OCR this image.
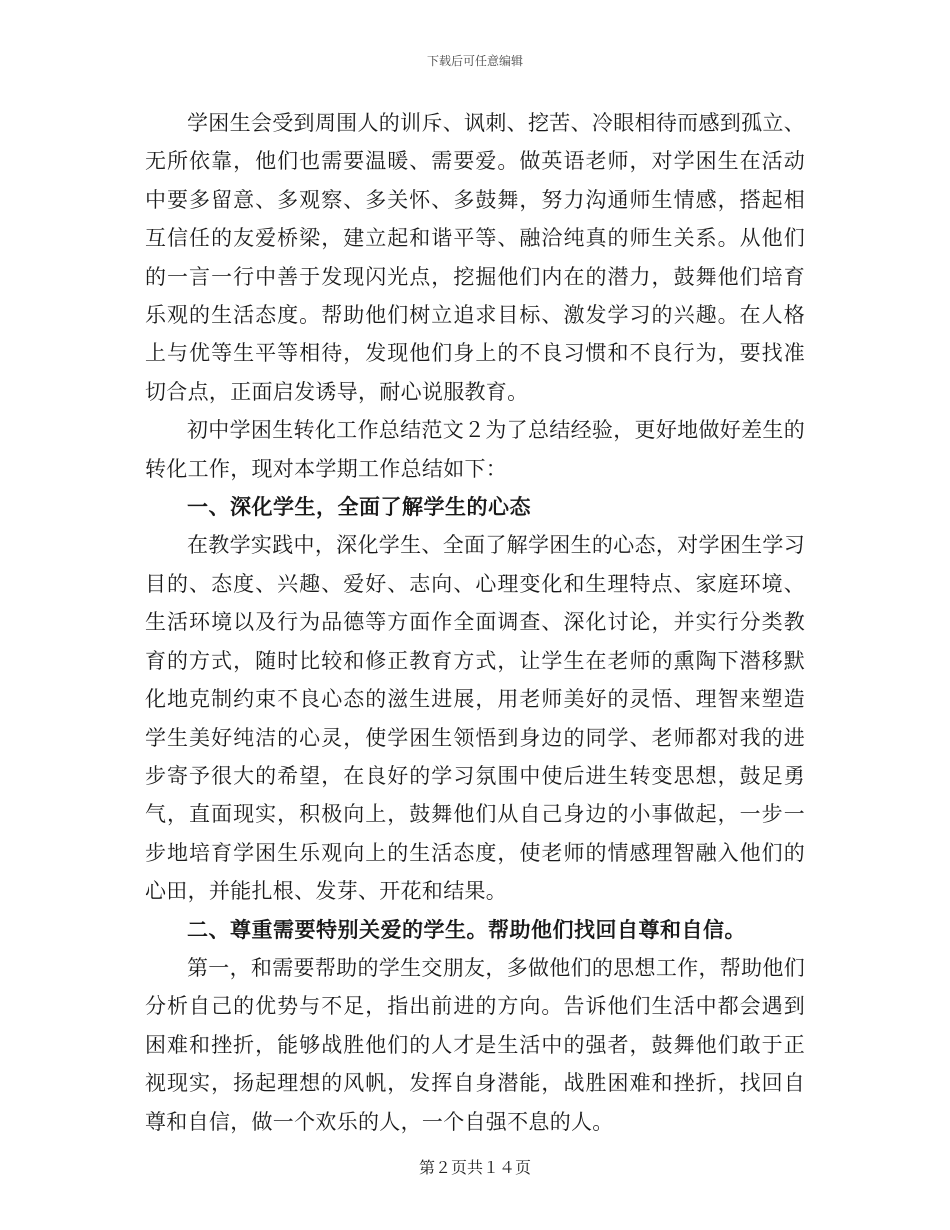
下载后可任意编辑

学困生会受到周围人的训斥、讽刺、挖苦、冷眼相待而感到孤立、无所依靠，他们也需要温暖、需要爱。做英语老师，对学困生在活动中要多留意、多观察、多关怀、多鼓舞，努力沟通师生情感，搭起相互信任的友爱桥梁，建立起和谐平等、融洽纯真的师生关系。从他们的一言一行中善于发现闪光点，挖掘他们内在的潜力，鼓舞他们培育乐观的生活态度。帮助他们树立追求目标、激发学习的兴趣。在人格上与优等生平等相待，发现他们身上的不良习惯和不良行为，要找准切合点，正面启发诱导，耐心说服教育。

初中学困生转化工作总结范文２为了总结经验，更好地做好差生的转化工作，现对本学期工作总结如下：

一、深化学生，全面了解学生的心态

在教学实践中，深化学生、全面了解学困生的心态，对学困生学习目的、态度、兴趣、爱好、志向、心理变化和生理特点、家庭环境、生活环境以及行为品德等方面作全面调查、深化讨论，并实行分类教育的方式，随时比较和修正教育方式，让学生在老师的熏陶下潜移默化地克制约束不良心态的滋生进展，用老师美好的灵悟、理智来塑造学生美好纯洁的心灵，使学困生领悟到身边的同学、老师都对我的进步寄予很大的希望，在良好的学习氛围中使后进生转变思想，鼓足勇气，直面现实，积极向上，鼓舞他们从自己身边的小事做起，一步一步地培育学困生乐观向上的生活态度，使老师的情感理智融入他们的心田，并能扎根、发芽、开花和结果。

二、尊重需要特别关爱的学生。帮助他们找回自尊和自信。

第一，和需要帮助的学生交朋友，多做他们的思想工作，帮助他们分析自己的优势与不足，指出前进的方向。告诉他们生活中都会遇到困难和挫折，能够战胜他们的人才是生活中的强者，鼓舞他们敢于正视现实，扬起理想的风帆，发挥自身潜能，战胜困难和挫折，找回自尊和自信，做一个欢乐的人，一个自强不息的人。

第２页共１４页
